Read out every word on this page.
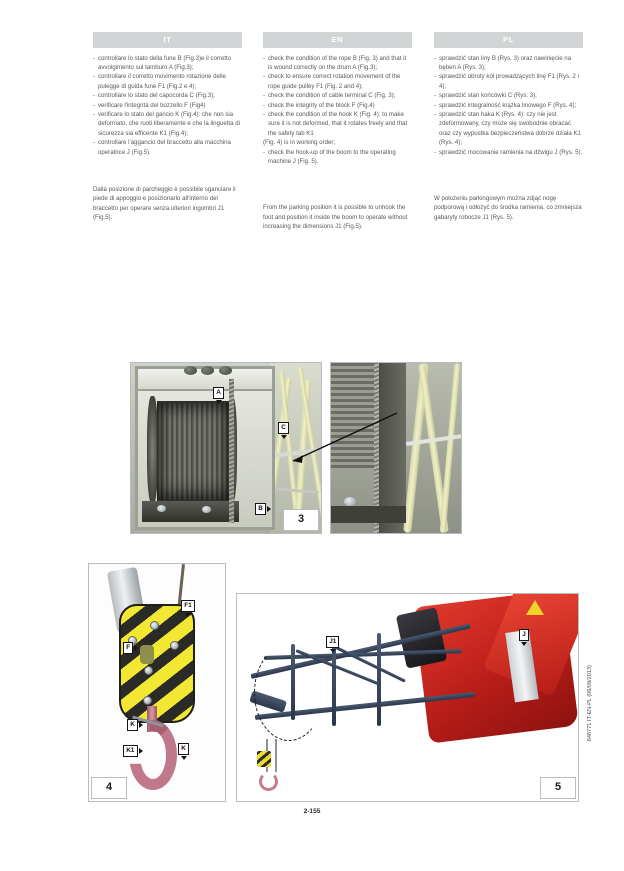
IT
- controllare lo stato della fune B (Fig.3)e il corretto avvolgimento sul tamburo A (Fig.3);
- controllare il corretto movimento rotazione delle pulegge di guida fune F1 (Fig.2 e 4);
- controllare lo stato del capocorda C (Fig.3);
- verificare l'integrità del bozzello F (Fig4)
- verificare lo stato del gancio K (Fig.4): che non sia deformato, che ruoti liberamente e che la linguetta di sicurezza sia efficente K1 (Fig.4);
- controllare l'aggancio del braccetto alla macchina operatrice J (Fig.5).

Dalla posizione di parcheggio è possibile sganciare il piede di appoggio e posizionarlo all'interno del braccetto per operare senza ulteriori ingombri J1 (Fig.5).

EN
- check the condition of the rope B (Fig. 3) and that it is wound correctly on the drum A (Fig.3);
- check to ensure correct rotation movement of the rope guide pulley F1 (Fig. 2 and 4);
- check the condition of cable terminal C (Fig. 3);
- check the integrity of the block F (Fig.4)
- check the condition of the hook K (Fig. 4): to make sure it is not deformed, that it rotates freely and that the safety tab K1

(Fig. 4) is in working order;

- check the hook-up of the boom to the operating machine J (Fig. 5).

From the parking position it is possible to unhook the foot and position it inside the boom to operate without increasing the dimensions J1 (Fig.5).

PL
- sprawdzić stan liny B (Rys. 3) oraz nawinięcie na bęben A (Rys. 3);
- sprawdzić obroty kół prowadzących linę F1 (Rys. 2 i 4);
- sprawdzić stan końcówki C (Rys. 3);
- sprawdzić integralność krążka linowego F (Rys. 4);
- sprawdzić stan haka K (Rys. 4): czy nie jest zdeformowany, czy może się swobodnie obracać oraz czy wypustka bezpieczeństwa dobrze działa K1 (Rys. 4);
- sprawdzić mocowanie ramienia na dźwigu J (Rys. 5).

W położeniu parkingowym można zdjąć nogę podporową i odłożyć do środka ramienia, co zmniejsza gabaryty robocze J1 (Rys. 5).

A
C
B
3
F1
F
K
K1	K
4
J1
J
5
2-155
648771 IT-EN-PL (06/09/2013)
